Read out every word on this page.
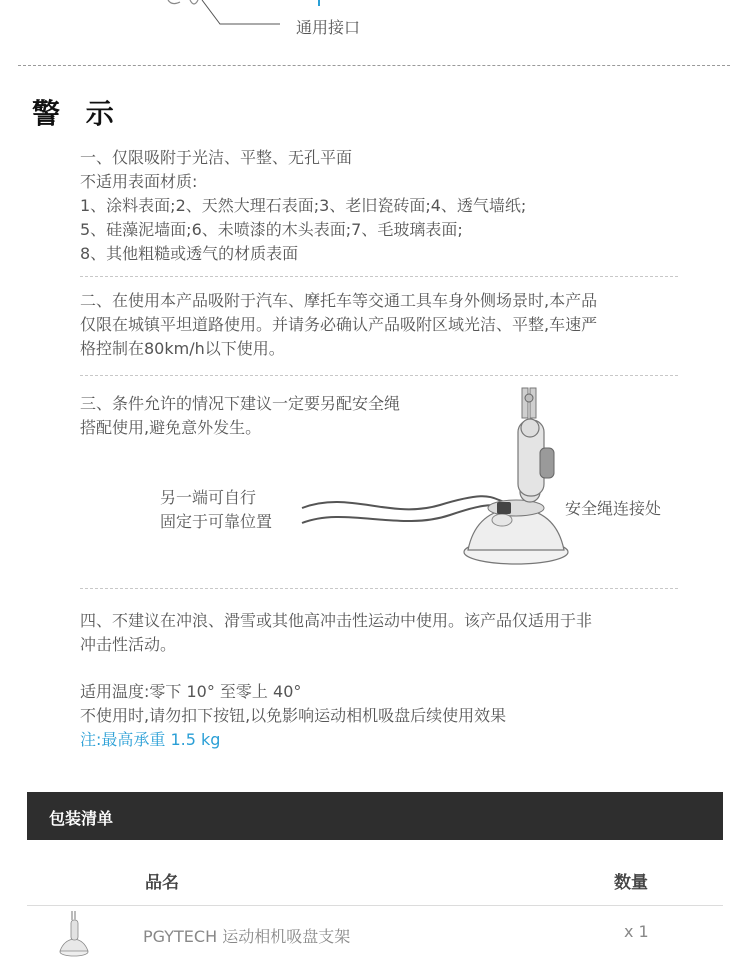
通用接口
警 示
一、仅限吸附于光洁、平整、无孔平面
不适用表面材质:
1、涂料表面;2、天然大理石表面;3、老旧瓷砖面;4、透气墙纸;
5、硅藻泥墙面;6、未喷漆的木头表面;7、毛玻璃表面;
8、其他粗糙或透气的材质表面
二、在使用本产品吸附于汽车、摩托车等交通工具车身外侧场景时,本产品
仅限在城镇平坦道路使用。并请务必确认产品吸附区域光洁、平整,车速严
格控制在80km/h以下使用。
三、条件允许的情况下建议一定要另配安全绳
搭配使用,避免意外发生。
另一端可自行
固定于可靠位置
安全绳连接处
四、不建议在冲浪、滑雪或其他高冲击性运动中使用。该产品仅适用于非
冲击性活动。
适用温度:零下 10° 至零上 40°
不使用时,请勿扣下按钮,以免影响运动相机吸盘后续使用效果
注:最高承重 1.5 kg
包装清单
品名	数量
PGYTECH 运动相机吸盘支架	x 1
